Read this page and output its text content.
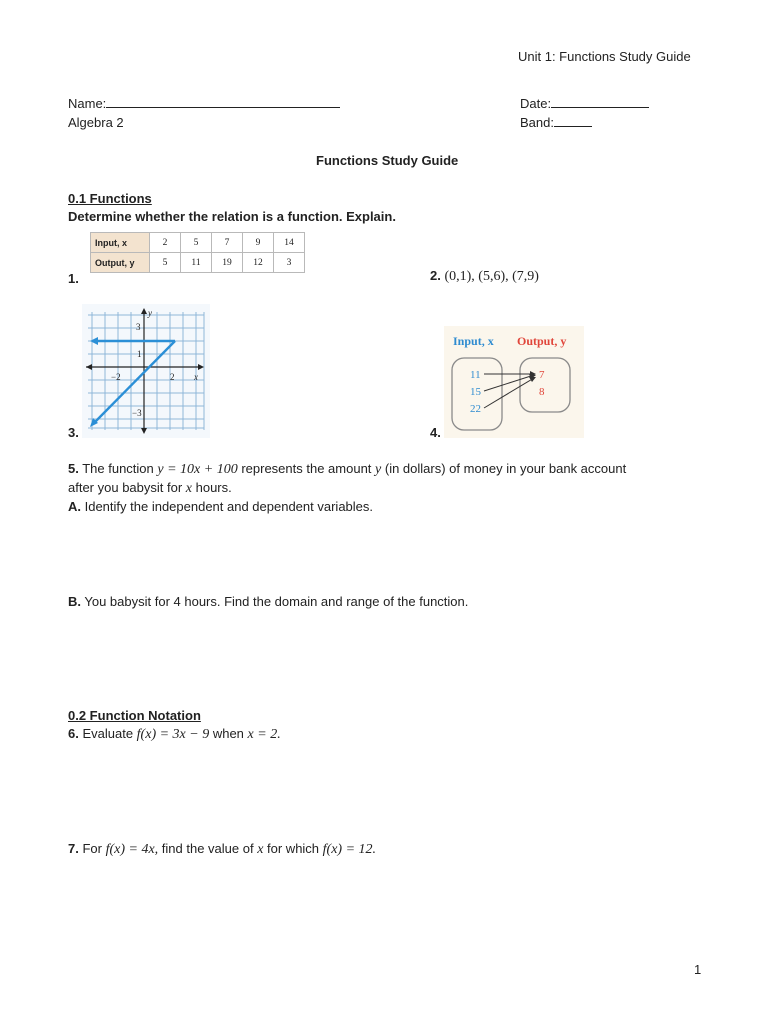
Unit 1: Functions Study Guide
Name:	Date:
Algebra 2	Band:
Functions Study Guide
0.1 Functions
Determine whether the relation is a function. Explain.
Input, x	2	5	7	9	14
Output, y	5	11	19	12	3
1.	2. (0,1), (5,6), (7,9)
y
3
1
−2	2 x
−3
3.
Input, x Output, y
11
15
22
7
8
4.
5. The function y = 10x + 100 represents the amount y (in dollars) of money in your bank account
after you babysit for x hours.
A. Identify the independent and dependent variables.
B. You babysit for 4 hours. Find the domain and range of the function.
0.2 Function Notation
6. Evaluate f(x) = 3x − 9 when x = 2.
7. For f(x) = 4x, find the value of x for which f(x) = 12.
1
